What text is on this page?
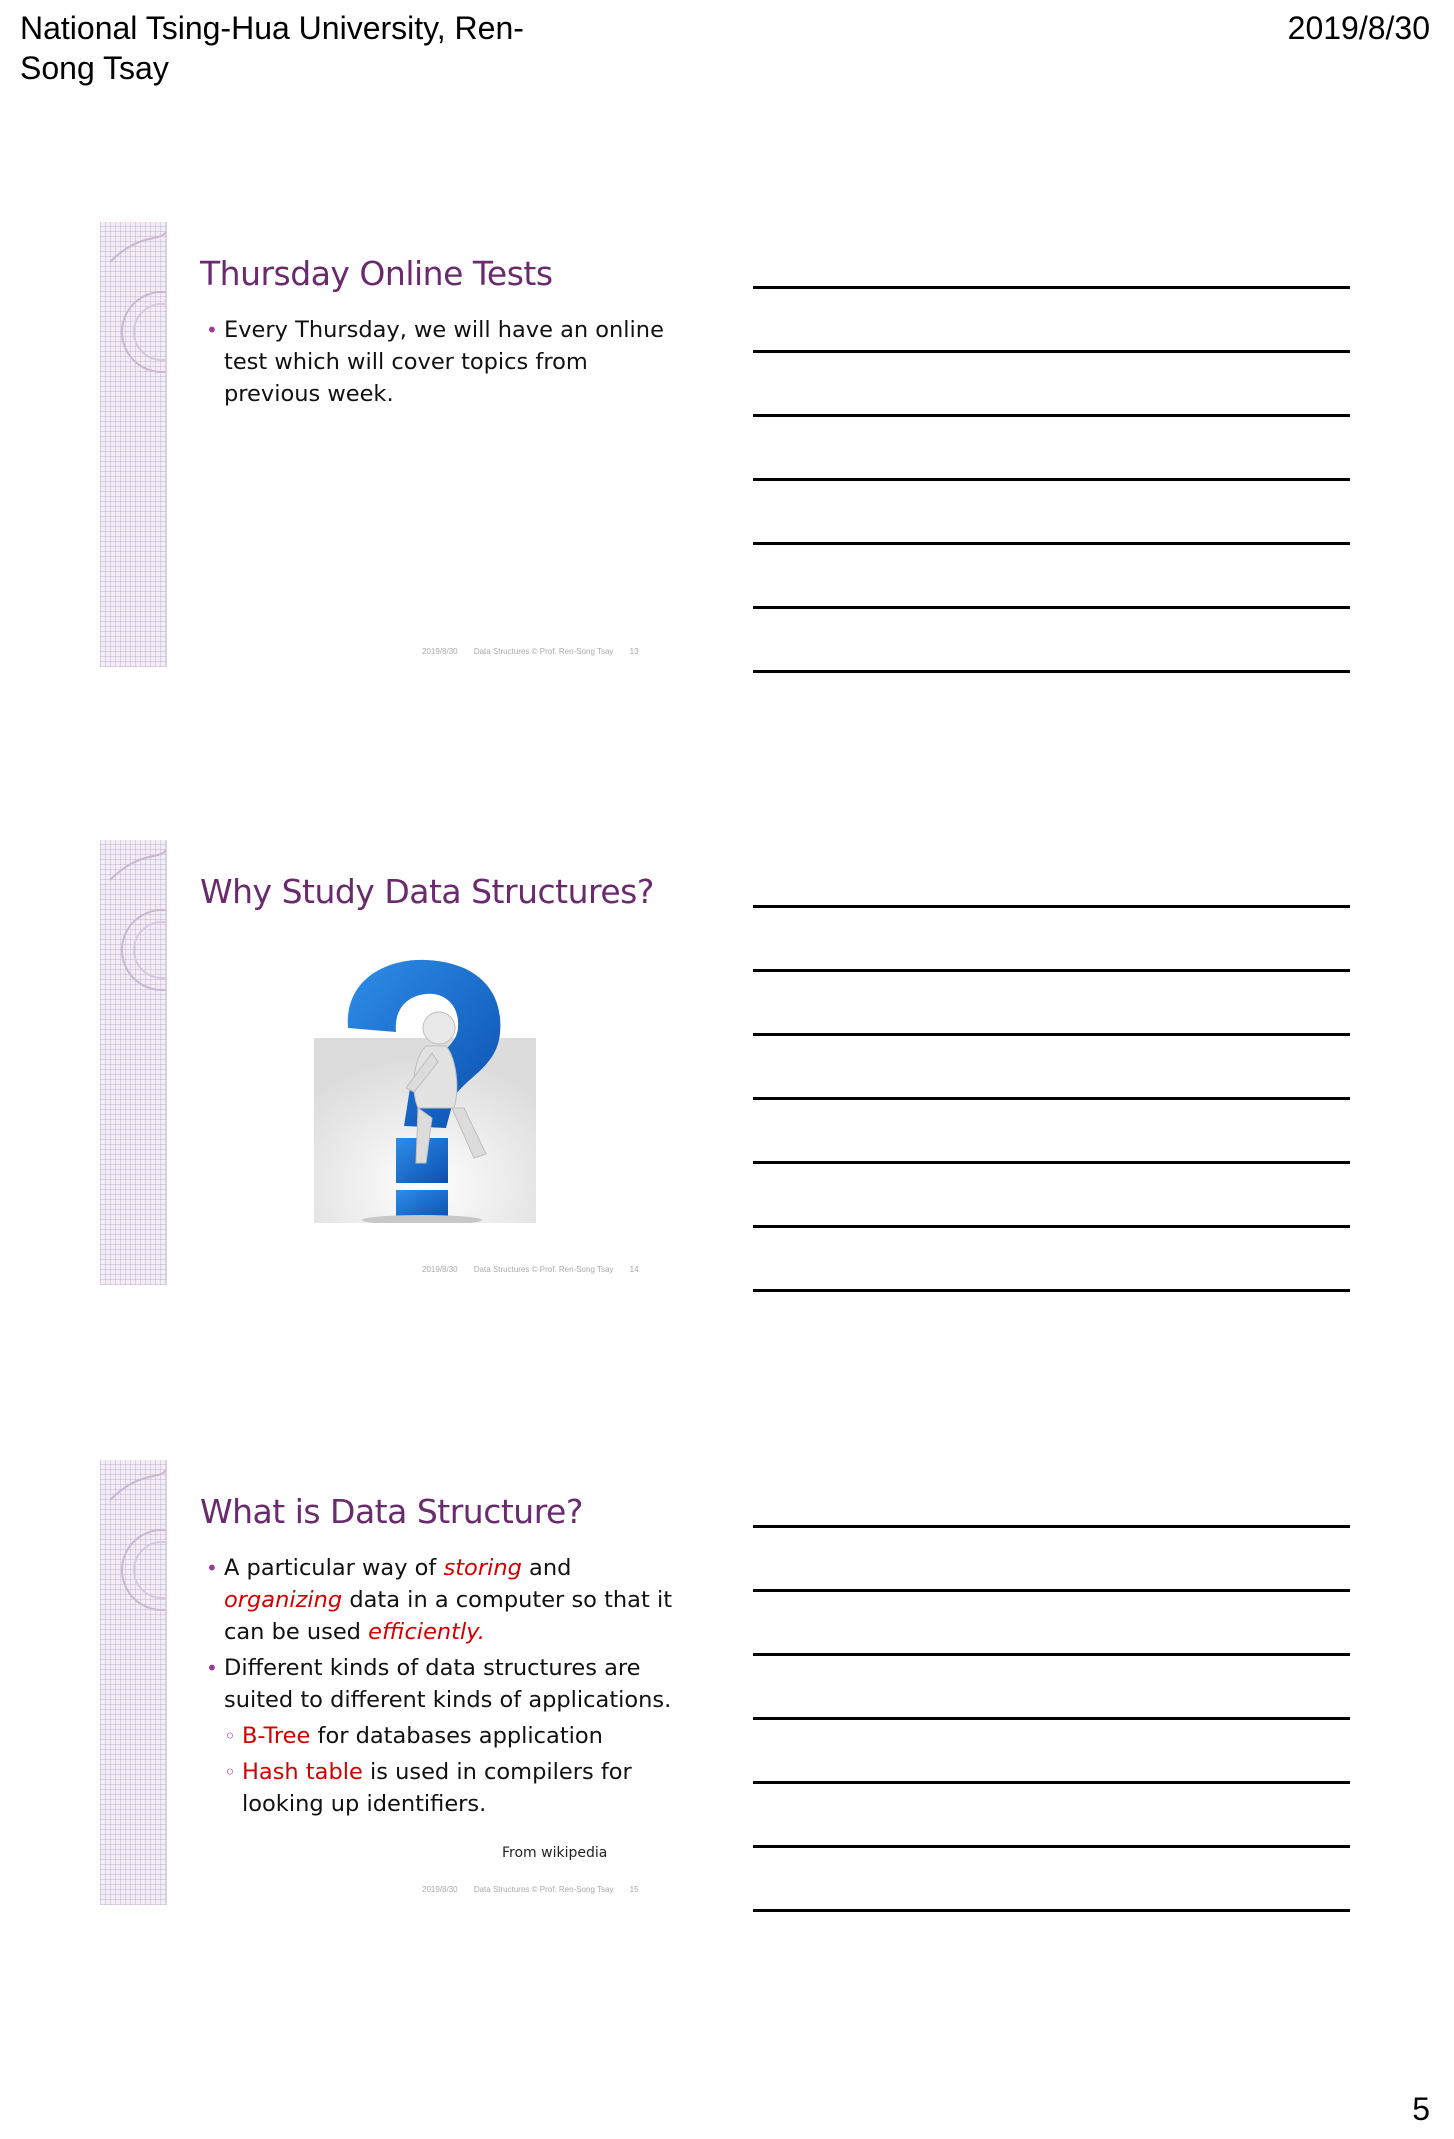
National Tsing-Hua University, Ren-Song Tsay
2019/8/30
Thursday Online Tests
• Every Thursday, we will have an online test which will cover topics from previous week.
2019/8/30 Data Structures © Prof. Ren-Song Tsay 13
Why Study Data Structures?
2019/8/30 Data Structures © Prof. Ren-Song Tsay 14
What is Data Structure?
• A particular way of storing and organizing data in a computer so that it can be used efficiently.
• Different kinds of data structures are suited to different kinds of applications.
◦ B-Tree for databases application
◦ Hash table is used in compilers for looking up identifiers.
From wikipedia
2019/8/30 Data Structures © Prof. Ren-Song Tsay 15
5
